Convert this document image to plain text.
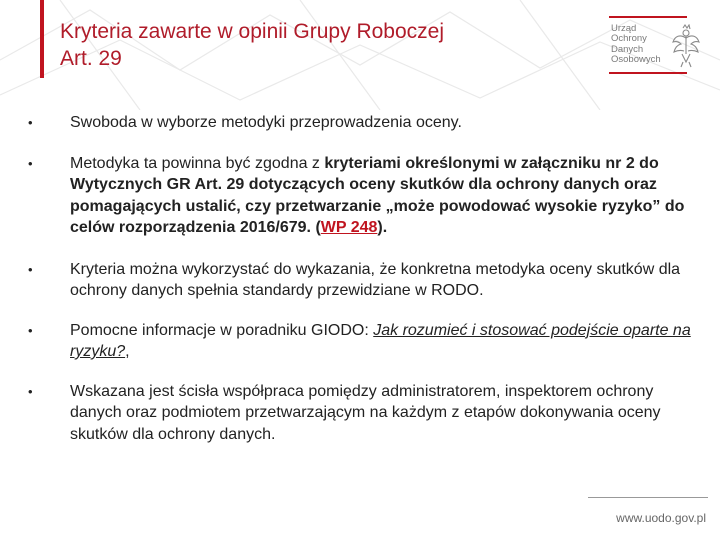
Kryteria zawarte w opinii Grupy Roboczej
Art. 29
Urząd
Ochrony
Danych
Osobowych
• Swoboda w wyborze metodyki przeprowadzenia oceny.
• Metodyka ta powinna być zgodna z kryteriami określonymi w załączniku nr 2 do Wytycznych GR Art. 29 dotyczących oceny skutków dla ochrony danych oraz pomagających ustalić, czy przetwarzanie „może powodować wysokie ryzyko” do celów rozporządzenia 2016/679. (WP 248).
• Kryteria można wykorzystać do wykazania, że konkretna metodyka oceny skutków dla ochrony danych spełnia standardy przewidziane w RODO.
• Pomocne informacje w poradniku GIODO: Jak rozumieć i stosować podejście oparte na ryzyku?,
• Wskazana jest ścisła współpraca pomiędzy administratorem, inspektorem ochrony danych oraz podmiotem przetwarzającym na każdym z etapów dokonywania oceny skutków dla ochrony danych.
www.uodo.gov.pl
